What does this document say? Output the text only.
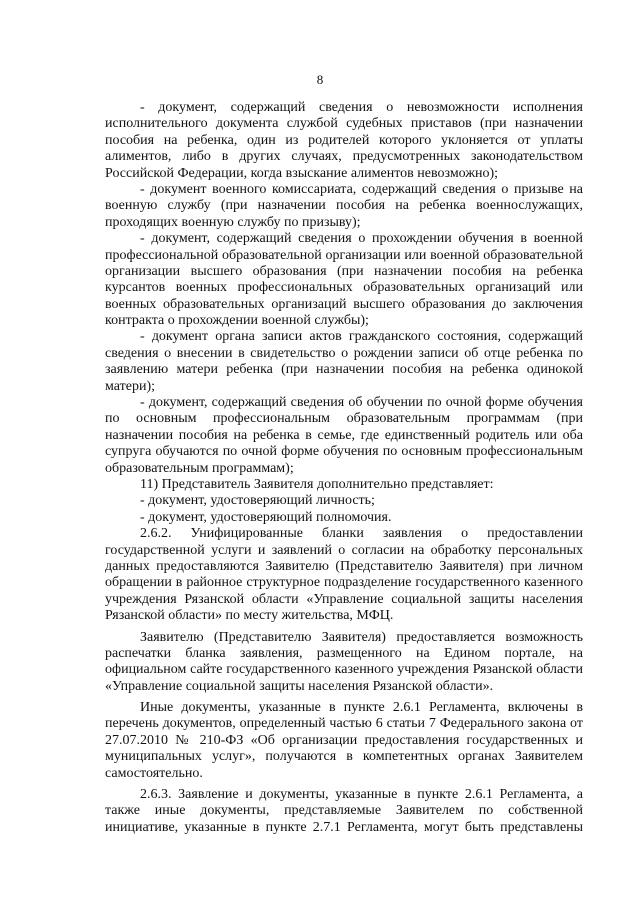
8
- документ, содержащий сведения о невозможности исполнения
исполнительного документа службой судебных приставов (при назначении
пособия на ребенка, один из родителей которого уклоняется от уплаты
алиментов, либо в других случаях, предусмотренных законодательством
Российской Федерации, когда взыскание алиментов невозможно);
- документ военного комиссариата, содержащий сведения о призыве на
военную службу (при назначении пособия на ребенка военнослужащих,
проходящих военную службу по призыву);
- документ, содержащий сведения о прохождении обучения в военной
профессиональной образовательной организации или военной образовательной
организации высшего образования (при назначении пособия на ребенка
курсантов военных профессиональных образовательных организаций или
военных образовательных организаций высшего образования до заключения
контракта о прохождении военной службы);
- документ органа записи актов гражданского состояния, содержащий
сведения о внесении в свидетельство о рождении записи об отце ребенка по
заявлению матери ребенка (при назначении пособия на ребенка одинокой
матери);
- документ, содержащий сведения об обучении по очной форме обучения
по основным профессиональным образовательным программам (при
назначении пособия на ребенка в семье, где единственный родитель или оба
супруга обучаются по очной форме обучения по основным профессиональным
образовательным программам);
11) Представитель Заявителя дополнительно представляет:
- документ, удостоверяющий личность;
- документ, удостоверяющий полномочия.
2.6.2. Унифицированные бланки заявления о предоставлении
государственной услуги и заявлений о согласии на обработку персональных
данных предоставляются Заявителю (Представителю Заявителя) при личном
обращении в районное структурное подразделение государственного казенного
учреждения Рязанской области «Управление социальной защиты населения
Рязанской области» по месту жительства, МФЦ.
Заявителю (Представителю Заявителя) предоставляется возможность
распечатки бланка заявления, размещенного на Едином портале, на
официальном сайте государственного казенного учреждения Рязанской области
«Управление социальной защиты населения Рязанской области».
Иные документы, указанные в пункте 2.6.1 Регламента, включены в
перечень документов, определенный частью 6 статьи 7 Федерального закона от
27.07.2010 № 210-ФЗ «Об организации предоставления государственных и
муниципальных услуг», получаются в компетентных органах Заявителем
самостоятельно.
2.6.3. Заявление и документы, указанные в пункте 2.6.1 Регламента, а
также иные документы, представляемые Заявителем по собственной
инициативе, указанные в пункте 2.7.1 Регламента, могут быть представлены
